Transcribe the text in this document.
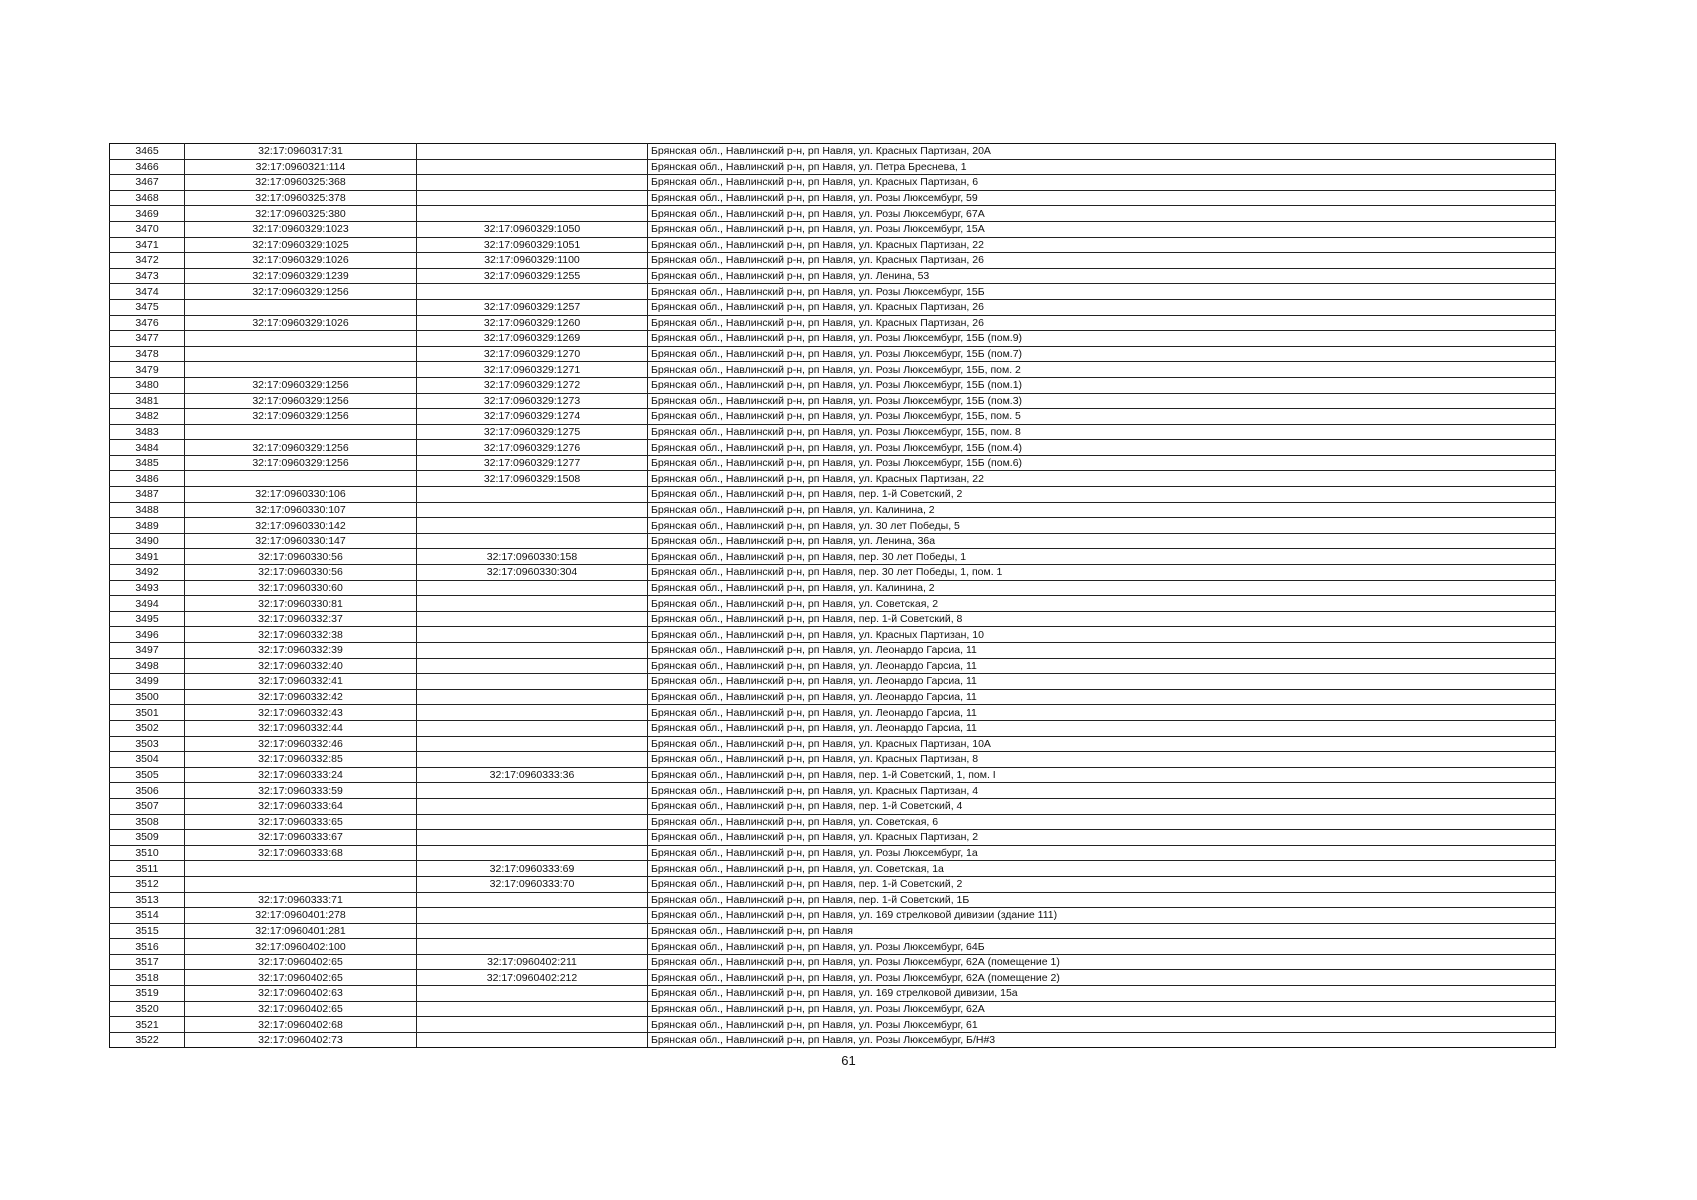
3465	32:17:0960317:31		Брянская обл., Навлинский р-н, рп Навля, ул. Красных Партизан, 20А
3466	32:17:0960321:114		Брянская обл., Навлинский р-н, рп Навля, ул. Петра Бреснева, 1
3467	32:17:0960325:368		Брянская обл., Навлинский р-н, рп Навля, ул. Красных Партизан, 6
3468	32:17:0960325:378		Брянская обл., Навлинский р-н, рп Навля, ул. Розы Люксембург, 59
3469	32:17:0960325:380		Брянская обл., Навлинский р-н, рп Навля, ул. Розы Люксембург, 67А
3470	32:17:0960329:1023	32:17:0960329:1050	Брянская обл., Навлинский р-н, рп Навля, ул. Розы Люксембург, 15А
3471	32:17:0960329:1025	32:17:0960329:1051	Брянская обл., Навлинский р-н, рп Навля, ул. Красных Партизан, 22
3472	32:17:0960329:1026	32:17:0960329:1100	Брянская обл., Навлинский р-н, рп Навля, ул. Красных Партизан, 26
3473	32:17:0960329:1239	32:17:0960329:1255	Брянская обл., Навлинский р-н, рп Навля, ул. Ленина, 53
3474	32:17:0960329:1256		Брянская обл., Навлинский р-н, рп Навля, ул. Розы Люксембург, 15Б
3475		32:17:0960329:1257	Брянская обл., Навлинский р-н, рп Навля, ул. Красных Партизан, 26
3476	32:17:0960329:1026	32:17:0960329:1260	Брянская обл., Навлинский р-н, рп Навля, ул. Красных Партизан, 26
3477		32:17:0960329:1269	Брянская обл., Навлинский р-н, рп Навля, ул. Розы Люксембург, 15Б (пом.9)
3478		32:17:0960329:1270	Брянская обл., Навлинский р-н, рп Навля, ул. Розы Люксембург, 15Б (пом.7)
3479		32:17:0960329:1271	Брянская обл., Навлинский р-н, рп Навля, ул. Розы Люксембург, 15Б, пом. 2
3480	32:17:0960329:1256	32:17:0960329:1272	Брянская обл., Навлинский р-н, рп Навля, ул. Розы Люксембург, 15Б (пом.1)
3481	32:17:0960329:1256	32:17:0960329:1273	Брянская обл., Навлинский р-н, рп Навля, ул. Розы Люксембург, 15Б (пом.3)
3482	32:17:0960329:1256	32:17:0960329:1274	Брянская обл., Навлинский р-н, рп Навля, ул. Розы Люксембург, 15Б, пом. 5
3483		32:17:0960329:1275	Брянская обл., Навлинский р-н, рп Навля, ул. Розы Люксембург, 15Б, пом. 8
3484	32:17:0960329:1256	32:17:0960329:1276	Брянская обл., Навлинский р-н, рп Навля, ул. Розы Люксембург, 15Б (пом.4)
3485	32:17:0960329:1256	32:17:0960329:1277	Брянская обл., Навлинский р-н, рп Навля, ул. Розы Люксембург, 15Б (пом.6)
3486		32:17:0960329:1508	Брянская обл., Навлинский р-н, рп Навля, ул. Красных Партизан, 22
3487	32:17:0960330:106		Брянская обл., Навлинский р-н, рп Навля, пер. 1-й Советский, 2
3488	32:17:0960330:107		Брянская обл., Навлинский р-н, рп Навля, ул. Калинина, 2
3489	32:17:0960330:142		Брянская обл., Навлинский р-н, рп Навля, ул. 30 лет Победы, 5
3490	32:17:0960330:147		Брянская обл., Навлинский р-н, рп Навля, ул. Ленина, 36а
3491	32:17:0960330:56	32:17:0960330:158	Брянская обл., Навлинский р-н, рп Навля, пер. 30 лет Победы, 1
3492	32:17:0960330:56	32:17:0960330:304	Брянская обл., Навлинский р-н, рп Навля, пер. 30 лет Победы, 1, пом. 1
3493	32:17:0960330:60		Брянская обл., Навлинский р-н, рп Навля, ул. Калинина, 2
3494	32:17:0960330:81		Брянская обл., Навлинский р-н, рп Навля, ул. Советская, 2
3495	32:17:0960332:37		Брянская обл., Навлинский р-н, рп Навля, пер. 1-й Советский, 8
3496	32:17:0960332:38		Брянская обл., Навлинский р-н, рп Навля, ул. Красных Партизан, 10
3497	32:17:0960332:39		Брянская обл., Навлинский р-н, рп Навля, ул. Леонардо Гарсиа, 11
3498	32:17:0960332:40		Брянская обл., Навлинский р-н, рп Навля, ул. Леонардо Гарсиа, 11
3499	32:17:0960332:41		Брянская обл., Навлинский р-н, рп Навля, ул. Леонардо Гарсиа, 11
3500	32:17:0960332:42		Брянская обл., Навлинский р-н, рп Навля, ул. Леонардо Гарсиа, 11
3501	32:17:0960332:43		Брянская обл., Навлинский р-н, рп Навля, ул. Леонардо Гарсиа, 11
3502	32:17:0960332:44		Брянская обл., Навлинский р-н, рп Навля, ул. Леонардо Гарсиа, 11
3503	32:17:0960332:46		Брянская обл., Навлинский р-н, рп Навля, ул. Красных Партизан, 10А
3504	32:17:0960332:85		Брянская обл., Навлинский р-н, рп Навля, ул. Красных Партизан, 8
3505	32:17:0960333:24	32:17:0960333:36	Брянская обл., Навлинский р-н, рп Навля, пер. 1-й Советский, 1, пом. I
3506	32:17:0960333:59		Брянская обл., Навлинский р-н, рп Навля, ул. Красных Партизан, 4
3507	32:17:0960333:64		Брянская обл., Навлинский р-н, рп Навля, пер. 1-й Советский, 4
3508	32:17:0960333:65		Брянская обл., Навлинский р-н, рп Навля, ул. Советская, 6
3509	32:17:0960333:67		Брянская обл., Навлинский р-н, рп Навля, ул. Красных Партизан, 2
3510	32:17:0960333:68		Брянская обл., Навлинский р-н, рп Навля, ул. Розы Люксембург, 1а
3511		32:17:0960333:69	Брянская обл., Навлинский р-н, рп Навля, ул. Советская, 1а
3512		32:17:0960333:70	Брянская обл., Навлинский р-н, рп Навля, пер. 1-й Советский, 2
3513	32:17:0960333:71		Брянская обл., Навлинский р-н, рп Навля, пер. 1-й Советский, 1Б
3514	32:17:0960401:278		Брянская обл., Навлинский р-н, рп Навля, ул. 169 стрелковой дивизии (здание 111)
3515	32:17:0960401:281		Брянская обл., Навлинский р-н, рп Навля
3516	32:17:0960402:100		Брянская обл., Навлинский р-н, рп Навля, ул. Розы Люксембург, 64Б
3517	32:17:0960402:65	32:17:0960402:211	Брянская обл., Навлинский р-н, рп Навля, ул. Розы Люксембург, 62А (помещение 1)
3518	32:17:0960402:65	32:17:0960402:212	Брянская обл., Навлинский р-н, рп Навля, ул. Розы Люксембург, 62А (помещение 2)
3519	32:17:0960402:63		Брянская обл., Навлинский р-н, рп Навля, ул. 169 стрелковой дивизии, 15а
3520	32:17:0960402:65		Брянская обл., Навлинский р-н, рп Навля, ул. Розы Люксембург, 62А
3521	32:17:0960402:68		Брянская обл., Навлинский р-н, рп Навля, ул. Розы Люксембург, 61
3522	32:17:0960402:73		Брянская обл., Навлинский р-н, рп Навля, ул. Розы Люксембург, Б/Н#3
61
